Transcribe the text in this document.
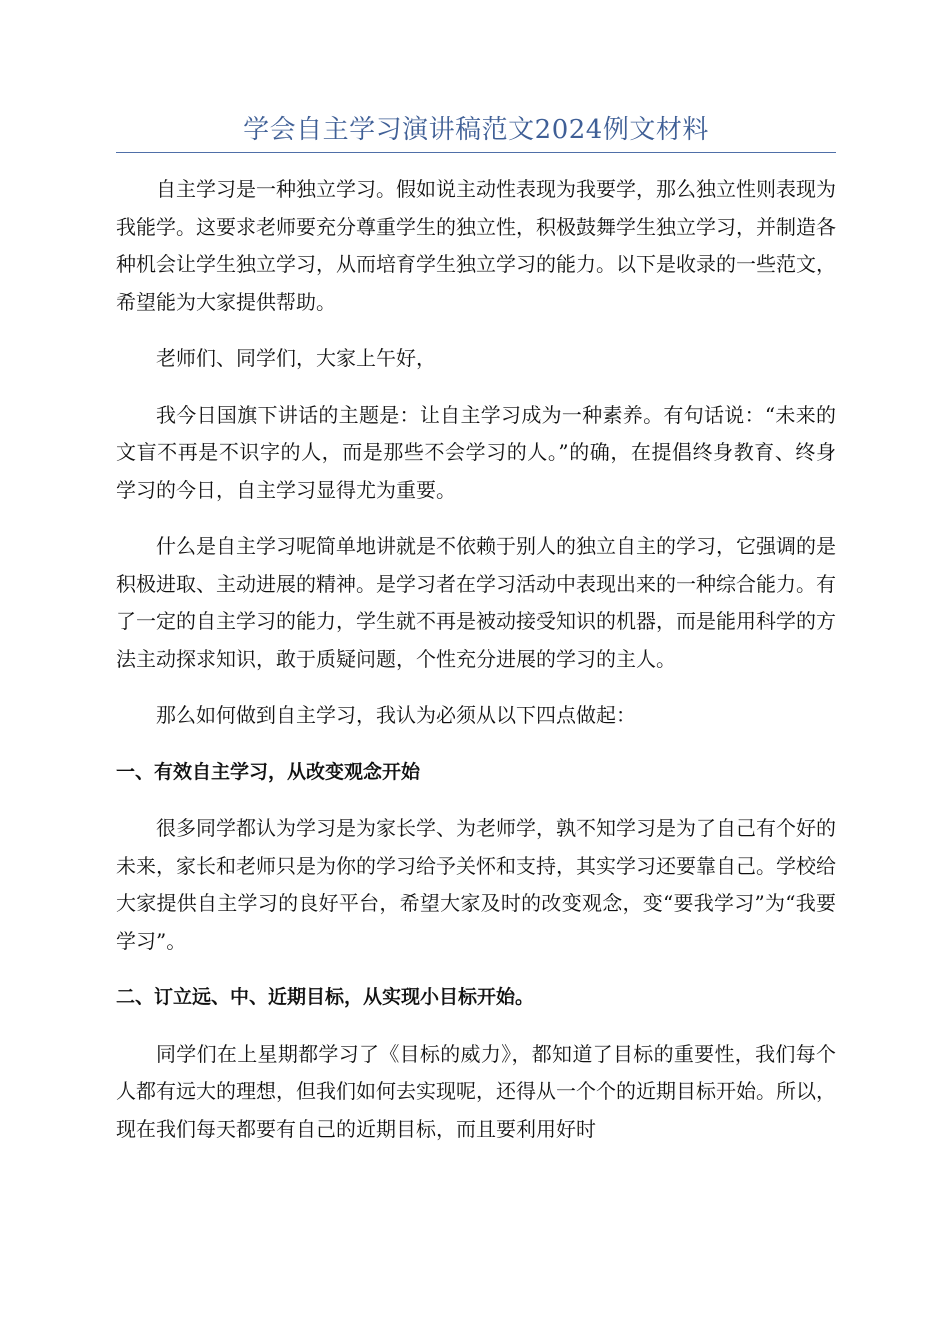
学会自主学习演讲稿范文2024例文材料

自主学习是一种独立学习。假如说主动性表现为我要学，那么独立性则表现为我能学。这要求老师要充分尊重学生的独立性，积极鼓舞学生独立学习，并制造各种机会让学生独立学习，从而培育学生独立学习的能力。以下是收录的一些范文，希望能为大家提供帮助。

老师们、同学们，大家上午好，

我今日国旗下讲话的主题是：让自主学习成为一种素养。有句话说：“未来的文盲不再是不识字的人，而是那些不会学习的人。”的确，在提倡终身教育、终身学习的今日，自主学习显得尤为重要。

什么是自主学习呢简单地讲就是不依赖于别人的独立自主的学习，它强调的是积极进取、主动进展的精神。是学习者在学习活动中表现出来的一种综合能力。有了一定的自主学习的能力，学生就不再是被动接受知识的机器，而是能用科学的方法主动探求知识，敢于质疑问题，个性充分进展的学习的主人。

那么如何做到自主学习，我认为必须从以下四点做起：

一、有效自主学习，从改变观念开始

很多同学都认为学习是为家长学、为老师学，孰不知学习是为了自己有个好的未来，家长和老师只是为你的学习给予关怀和支持，其实学习还要靠自己。学校给大家提供自主学习的良好平台，希望大家及时的改变观念，变“要我学习”为“我要学习”。

二、订立远、中、近期目标，从实现小目标开始。

同学们在上星期都学习了《目标的威力》，都知道了目标的重要性，我们每个人都有远大的理想，但我们如何去实现呢，还得从一个个的近期目标开始。所以，现在我们每天都要有自己的近期目标，而且要利用好时
